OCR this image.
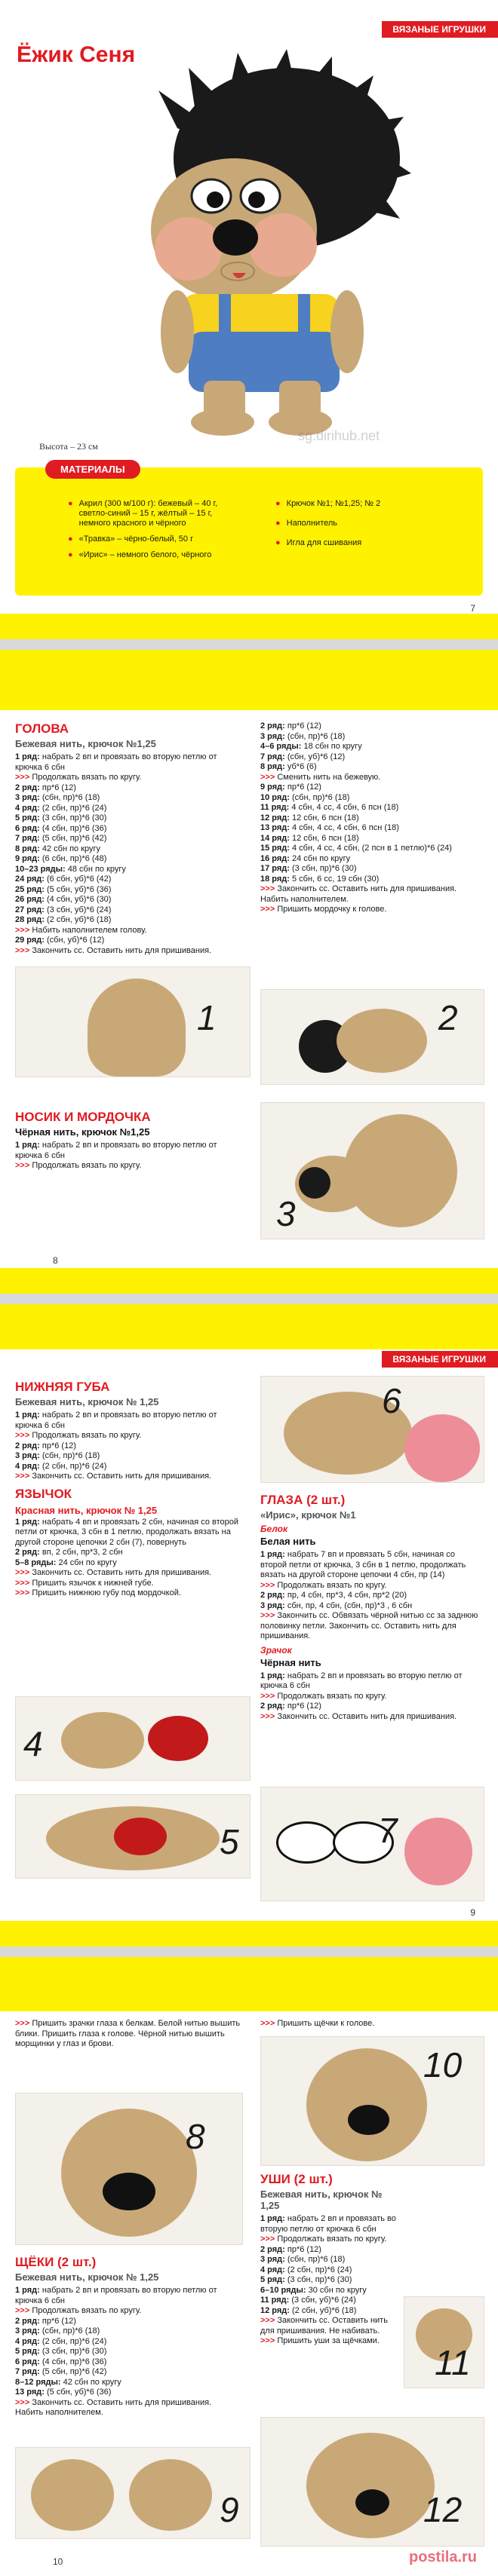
ВЯЗАНЫЕ ИГРУШКИ
Ёжик Сеня
Высота – 23 см
sg.dirihub.net
МАТЕРИАЛЫ
● Акрил (300 м/100 г): бежевый – 40 г, светло-синий – 15 г, жёлтый – 15 г, немного красного и чёрного
● «Травка» – чёрно-белый, 50 г
● «Ирис» – немного белого, чёрного
● Крючок №1; №1,25; № 2
● Наполнитель
● Игла для сшивания
7
ГОЛОВА
Бежевая нить, крючок №1,25

1 ряд: набрать 2 вп и провязать во вторую петлю от крючка 6 сбн

>>> Продолжать вязать по кругу.

2 ряд: пр*6 (12)

3 ряд: (сбн, пр)*6 (18)

4 ряд: (2 сбн, пр)*6 (24)

5 ряд: (3 сбн, пр)*6 (30)

6 ряд: (4 сбн, пр)*6 (36)

7 ряд: (5 сбн, пр)*6 (42)

8 ряд: 42 сбн по кругу

9 ряд: (6 сбн, пр)*6 (48)

10–23 ряды: 48 сбн по кругу

24 ряд: (6 сбн, уб)*6 (42)

25 ряд: (5 сбн, уб)*6 (36)

26 ряд: (4 сбн, уб)*6 (30)

27 ряд: (3 сбн, уб)*6 (24)

28 ряд: (2 сбн, уб)*6 (18)

>>> Набить наполнителем голову.

29 ряд: (сбн, уб)*6 (12)

>>> Закончить сс. Оставить нить для пришивания.

2 ряд: пр*6 (12)

3 ряд: (сбн, пр)*6 (18)

4–6 ряды: 18 сбн по кругу

7 ряд: (сбн, уб)*6 (12)

8 ряд: уб*6 (6)

>>> Сменить нить на бежевую.

9 ряд: пр*6 (12)

10 ряд: (сбн, пр)*6 (18)

11 ряд: 4 сбн, 4 сс, 4 сбн, 6 псн (18)

12 ряд: 12 сбн, 6 псн (18)

13 ряд: 4 сбн, 4 сс, 4 сбн, 6 псн (18)

14 ряд: 12 сбн, 6 псн (18)

15 ряд: 4 сбн, 4 сс, 4 сбн, (2 псн в 1 петлю)*6 (24)

16 ряд: 24 сбн по кругу

17 ряд: (3 сбн, пр)*6 (30)

18 ряд: 5 сбн, 6 сс, 19 сбн (30)

>>> Закончить сс. Оставить нить для пришивания. Набить наполнителем.

>>> Пришить мордочку к голове.

1	2
3
НОСИК И МОРДОЧКА
Чёрная нить, крючок №1,25

1 ряд: набрать 2 вп и провязать во вторую петлю от крючка 6 сбн

>>> Продолжать вязать по кругу.

8
ВЯЗАНЫЕ ИГРУШКИ
НИЖНЯЯ ГУБА
Бежевая нить, крючок № 1,25

1 ряд: набрать 2 вп и провязать во вторую петлю от крючка 6 сбн

>>> Продолжать вязать по кругу.

2 ряд: пр*6 (12)

3 ряд: (сбн, пр)*6 (18)

4 ряд: (2 сбн, пр)*6 (24)

>>> Закончить сс. Оставить нить для пришивания.

ЯЗЫЧОК
Красная нить, крючок № 1,25

1 ряд: набрать 4 вп и провязать 2 сбн, начиная со второй петли от крючка, 3 сбн в 1 петлю, продолжать вязать на другой стороне цепочки 2 сбн (7), повернуть

2 ряд: вп, 2 сбн, пр*3, 2 сбн

5–8 ряды: 24 сбн по кругу

>>> Закончить сс. Оставить нить для пришивания.

>>> Пришить язычок к нижней губе.

>>> Пришить нижнюю губу под мордочкой.

6
ГЛАЗА (2 шт.)
«Ирис», крючок №1
Белок
Белая нить

1 ряд: набрать 7 вп и провязать 5 сбн, начиная со второй петли от крючка, 3 сбн в 1 петлю, продолжать вязать на другой стороне цепочки 4 сбн, пр (14)

>>> Продолжать вязать по кругу.

2 ряд: пр, 4 сбн, пр*3, 4 сбн, пр*2 (20)

3 ряд: сбн, пр, 4 сбн, (сбн, пр)*3 , 6 сбн

>>> Закончить сс. Обвязать чёрной нитью сс за заднюю половинку петли. Закончить сс. Оставить нить для пришивания.

Зрачок
Чёрная нить

1 ряд: набрать 2 вп и провязать во вторую петлю от крючка 6 сбн

>>> Продолжать вязать по кругу.

2 ряд: пр*6 (12)

>>> Закончить сс. Оставить нить для пришивания.

4
5	7
9

>>> Пришить зрачки глаза к белкам. Белой нитью вышить блики. Пришить глаза к голове. Чёрной нитью вышить морщинки у глаз и брови.

8
ЩЁКИ (2 шт.)
Бежевая нить, крючок № 1,25

1 ряд: набрать 2 вп и провязать во вторую петлю от крючка 6 сбн

>>> Продолжать вязать по кругу.

2 ряд: пр*6 (12)

3 ряд: (сбн, пр)*6 (18)

4 ряд: (2 сбн, пр)*6 (24)

5 ряд: (3 сбн, пр)*6 (30)

6 ряд: (4 сбн, пр)*6 (36)

7 ряд: (5 сбн, пр)*6 (42)

8–12 ряды: 42 сбн по кругу

13 ряд: (5 сбн, уб)*6 (36)

>>> Закончить сс. Оставить нить для пришивания. Набить наполнителем.

9

>>> Пришить щёчки к голове.

10
УШИ (2 шт.)
Бежевая нить, крючок № 1,25

1 ряд: набрать 2 вп и провязать во вторую петлю от крючка 6 сбн

>>> Продолжать вязать по кругу.

2 ряд: пр*6 (12)

3 ряд: (сбн, пр)*6 (18)

4 ряд: (2 сбн, пр)*6 (24)

5 ряд: (3 сбн, пр)*6 (30)

6–10 ряды: 30 сбн по кругу

11 ряд: (3 сбн, уб)*6 (24)

12 ряд: (2 сбн, уб)*6 (18)

>>> Закончить сс. Оставить нить для пришивания. Не набивать.

>>> Пришить уши за щёчками.

11
12
postila.ru
10
